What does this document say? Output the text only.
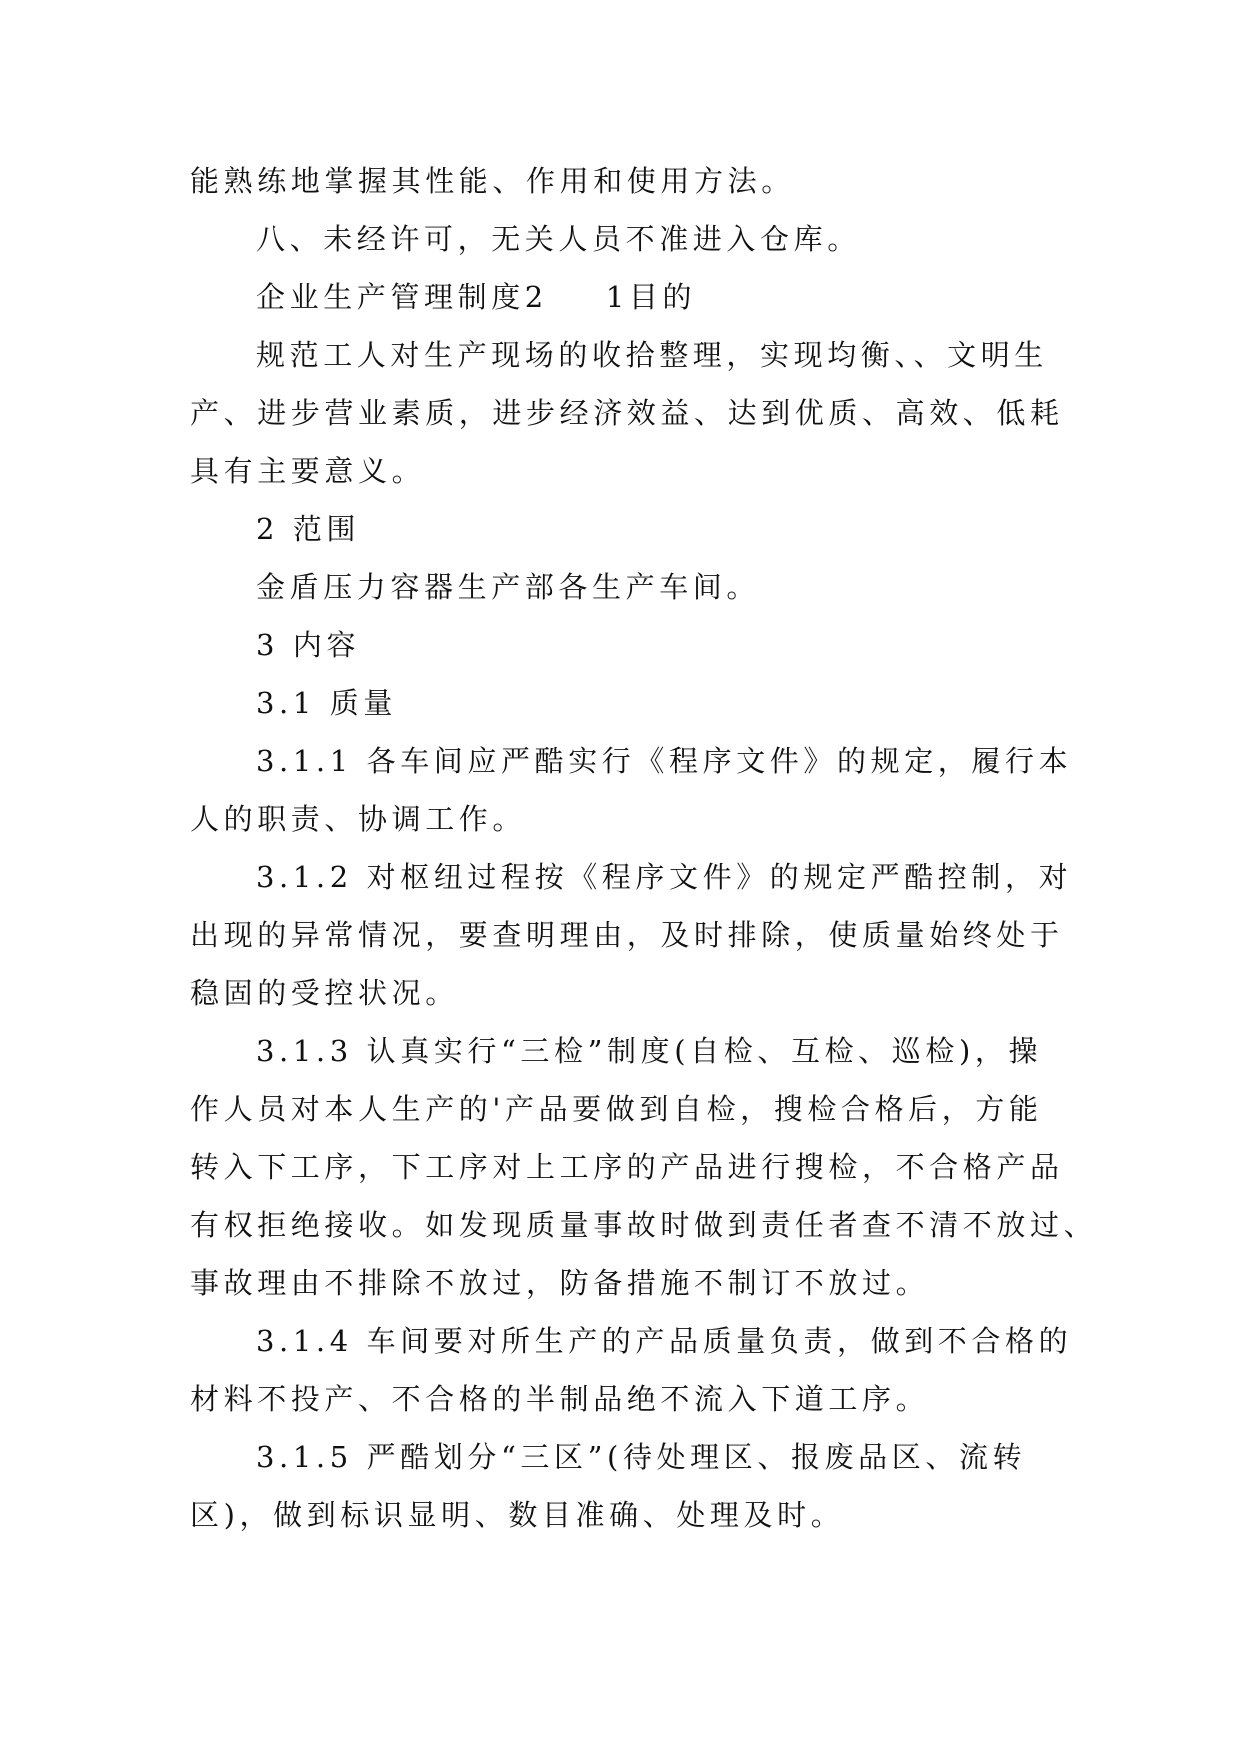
能熟练地掌握其性能、作用和使用方法。
八、未经许可，无关人员不准进入仓库。
企业生产管理制度2 1目的
规范工人对生产现场的收拾整理，实现均衡、、文明生
产、进步营业素质，进步经济效益、达到优质、高效、低耗
具有主要意义。
2 范围
金盾压力容器生产部各生产车间。
3 内容
3.1 质量
3.1.1 各车间应严酷实行《程序文件》的规定，履行本
人的职责、协调工作。
3.1.2 对枢纽过程按《程序文件》的规定严酷控制，对
出现的异常情况，要查明理由，及时排除，使质量始终处于
稳固的受控状况。
3.1.3 认真实行“三检”制度(自检、互检、巡检)，操
作人员对本人生产的'产品要做到自检，搜检合格后，方能
转入下工序，下工序对上工序的产品进行搜检，不合格产品
有权拒绝接收。如发现质量事故时做到责任者查不清不放过、
事故理由不排除不放过，防备措施不制订不放过。
3.1.4 车间要对所生产的产品质量负责，做到不合格的
材料不投产、不合格的半制品绝不流入下道工序。
3.1.5 严酷划分“三区”(待处理区、报废品区、流转
区)，做到标识显明、数目准确、处理及时。
